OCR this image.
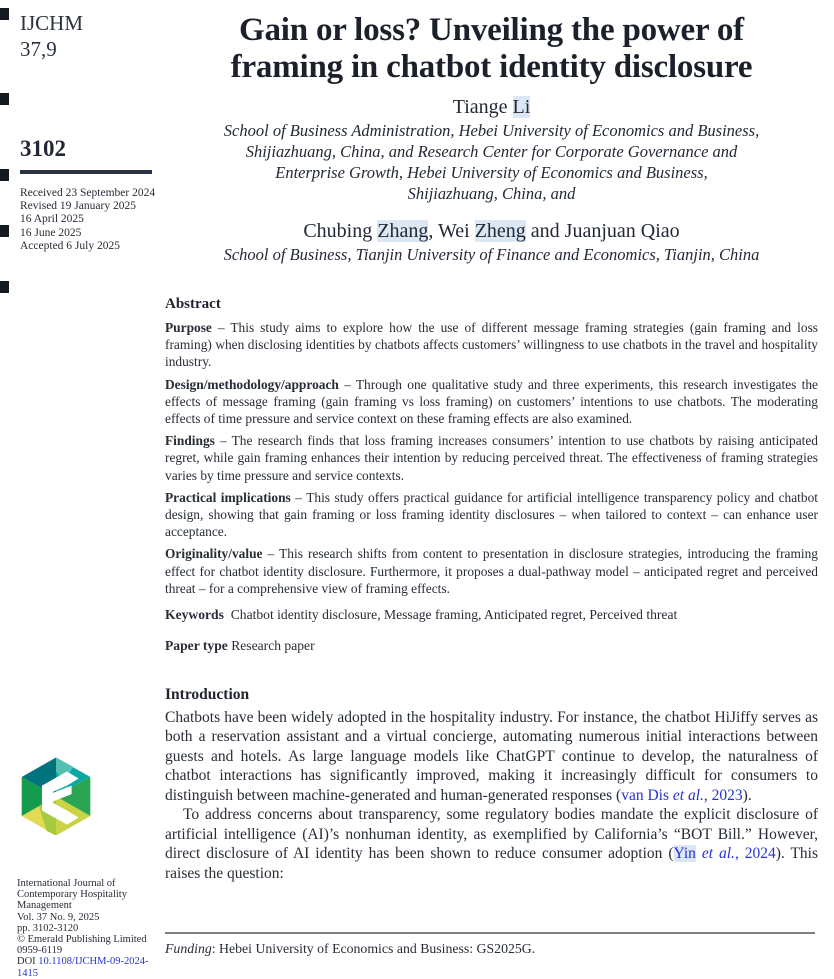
IJCHM
37,9
3102
Received 23 September 2024
Revised 19 January 2025
16 April 2025
16 June 2025
Accepted 6 July 2025
International Journal of
Contemporary Hospitality
Management
Vol. 37 No. 9, 2025
pp. 3102-3120
© Emerald Publishing Limited
0959-6119
DOI 10.1108/IJCHM-09-2024-1415
Gain or loss? Unveiling the power of
framing in chatbot identity disclosure
Tiange Li
School of Business Administration, Hebei University of Economics and Business,
Shijiazhuang, China, and Research Center for Corporate Governance and
Enterprise Growth, Hebei University of Economics and Business,
Shijiazhuang, China, and
Chubing Zhang, Wei Zheng and Juanjuan Qiao
School of Business, Tianjin University of Finance and Economics, Tianjin, China
Abstract

Purpose – This study aims to explore how the use of different message framing strategies (gain framing and loss framing) when disclosing identities by chatbots affects customers’ willingness to use chatbots in the travel and hospitality industry.

Design/methodology/approach – Through one qualitative study and three experiments, this research investigates the effects of message framing (gain framing vs loss framing) on customers’ intentions to use chatbots. The moderating effects of time pressure and service context on these framing effects are also examined.

Findings – The research finds that loss framing increases consumers’ intention to use chatbots by raising anticipated regret, while gain framing enhances their intention by reducing perceived threat. The effectiveness of framing strategies varies by time pressure and service contexts.

Practical implications – This study offers practical guidance for artificial intelligence transparency policy and chatbot design, showing that gain framing or loss framing identity disclosures – when tailored to context – can enhance user acceptance.

Originality/value – This research shifts from content to presentation in disclosure strategies, introducing the framing effect for chatbot identity disclosure. Furthermore, it proposes a dual-pathway model – anticipated regret and perceived threat – for a comprehensive view of framing effects.

Keywords  Chatbot identity disclosure, Message framing, Anticipated regret, Perceived threat

Paper type Research paper

Introduction

Chatbots have been widely adopted in the hospitality industry. For instance, the chatbot HiJiffy serves as both a reservation assistant and a virtual concierge, automating numerous initial interactions between guests and hotels. As large language models like ChatGPT continue to develop, the naturalness of chatbot interactions has significantly improved, making it increasingly difficult for consumers to distinguish between machine-generated and human-generated responses (van Dis et al., 2023).

To address concerns about transparency, some regulatory bodies mandate the explicit disclosure of artificial intelligence (AI)’s nonhuman identity, as exemplified by California’s “BOT Bill.” However, direct disclosure of AI identity has been shown to reduce consumer adoption (Yin et al., 2024). This raises the question:

Funding: Hebei University of Economics and Business: GS2025G.
